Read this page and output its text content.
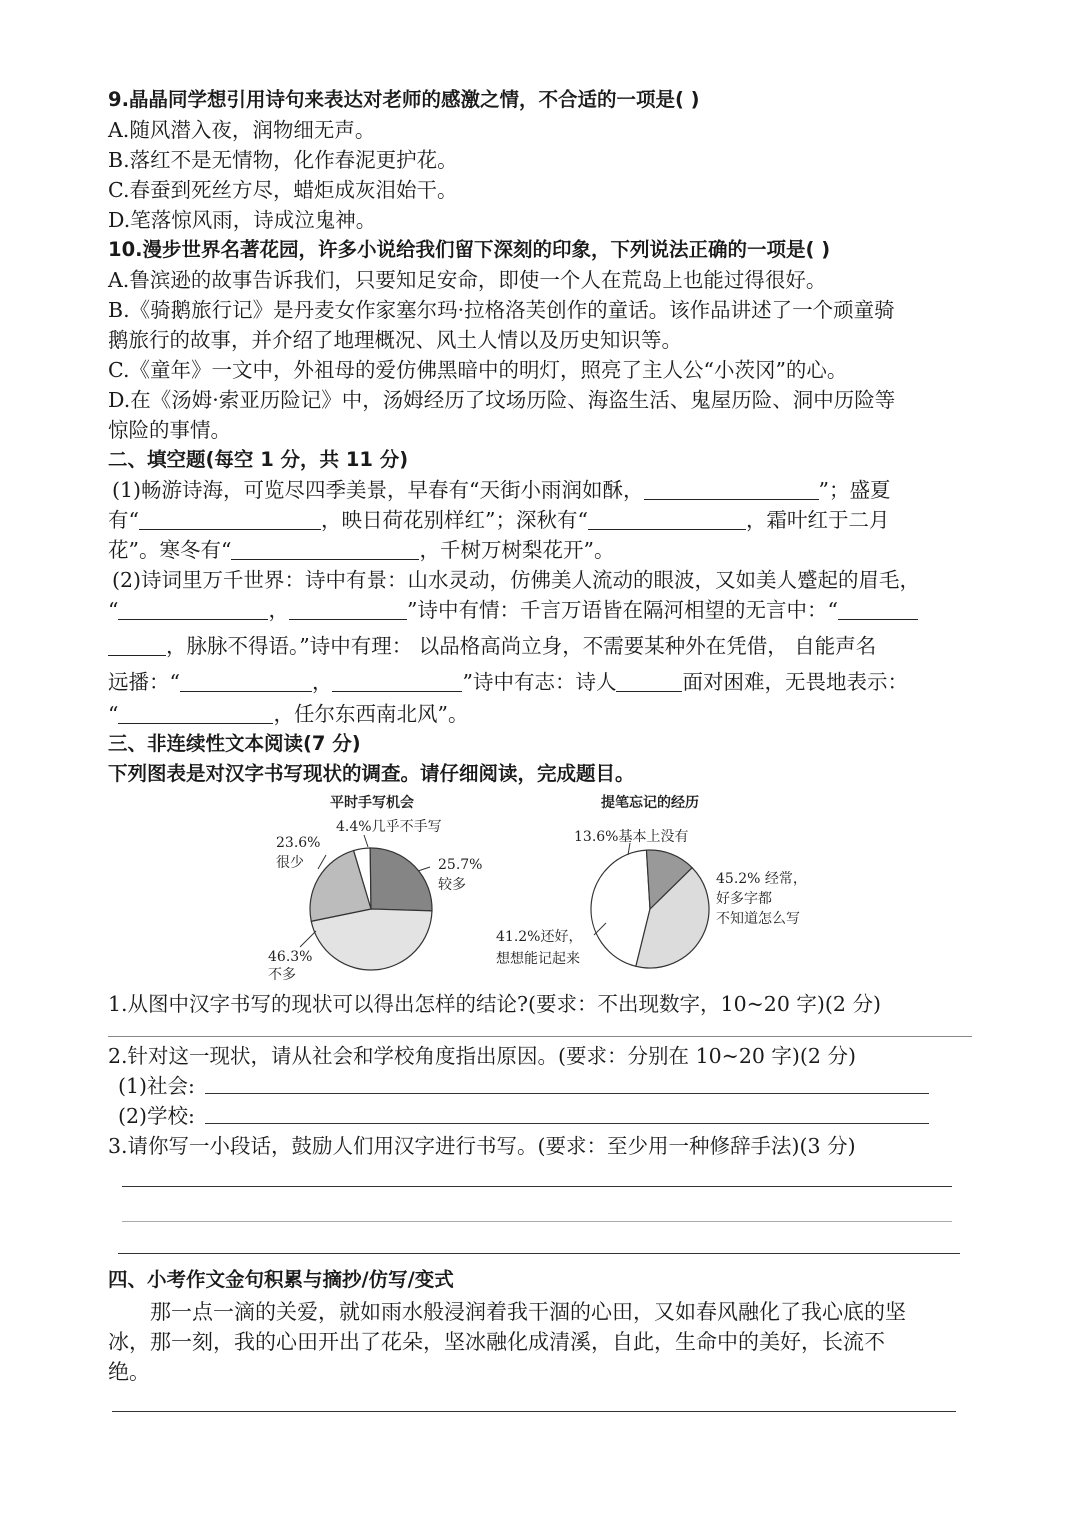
9.晶晶同学想引用诗句来表达对老师的感激之情，不合适的一项是( )
A.随风潜入夜，润物细无声。
B.落红不是无情物，化作春泥更护花。
C.春蚕到死丝方尽，蜡炬成灰泪始干。
D.笔落惊风雨，诗成泣鬼神。
10.漫步世界名著花园，许多小说给我们留下深刻的印象，下列说法正确的一项是( )
A.鲁滨逊的故事告诉我们，只要知足安命，即使一个人在荒岛上也能过得很好。
B.《骑鹅旅行记》是丹麦女作家塞尔玛·拉格洛芙创作的童话。该作品讲述了一个顽童骑
鹅旅行的故事，并介绍了地理概况、风土人情以及历史知识等。
C.《童年》一文中，外祖母的爱仿佛黑暗中的明灯，照亮了主人公“小茨冈”的心。
D.在《汤姆·索亚历险记》中，汤姆经历了坟场历险、海盗生活、鬼屋历险、洞中历险等
惊险的事情。
二、填空题(每空 1 分，共 11 分)
(1)畅游诗海，可览尽四季美景，早春有“天街小雨润如酥，	”；盛夏
有“	，映日荷花别样红”；深秋有“	，霜叶红于二月
花”。寒冬有“	，千树万树梨花开”。
(2)诗词里万千世界：诗中有景：山水灵动，仿佛美人流动的眼波，又如美人蹙起的眉毛，
“	，	”诗中有情：千言万语皆在隔河相望的无言中：“
，脉脉不得语。”诗中有理： 以品格高尚立身，不需要某种外在凭借， 自能声名
远播：“	，	”诗中有志：诗人	面对困难，无畏地表示：
“	，任尔东西南北风”。
三、非连续性文本阅读(7 分)
下列图表是对汉字书写现状的调查。请仔细阅读，完成题目。
平时手写机会	提笔忘记的经历
4.4%几乎不手写
25.7%
较多
23.6%
很少
46.3%
不多
13.6%基本上没有
45.2% 经常，
好多字都
不知道怎么写
41.2%还好，
想想能记起来
1.从图中汉字书写的现状可以得出怎样的结论?(要求：不出现数字，10~20 字)(2 分)
2.针对这一现状，请从社会和学校角度指出原因。(要求：分别在 10~20 字)(2 分)
(1)社会:
(2)学校:
3.请你写一小段话，鼓励人们用汉字进行书写。(要求：至少用一种修辞手法)(3 分)
四、小考作文金句积累与摘抄/仿写/变式
那一点一滴的关爱，就如雨水般浸润着我干涸的心田，又如春风融化了我心底的坚
冰，那一刻，我的心田开出了花朵，坚冰融化成清溪，自此，生命中的美好，长流不
绝。
